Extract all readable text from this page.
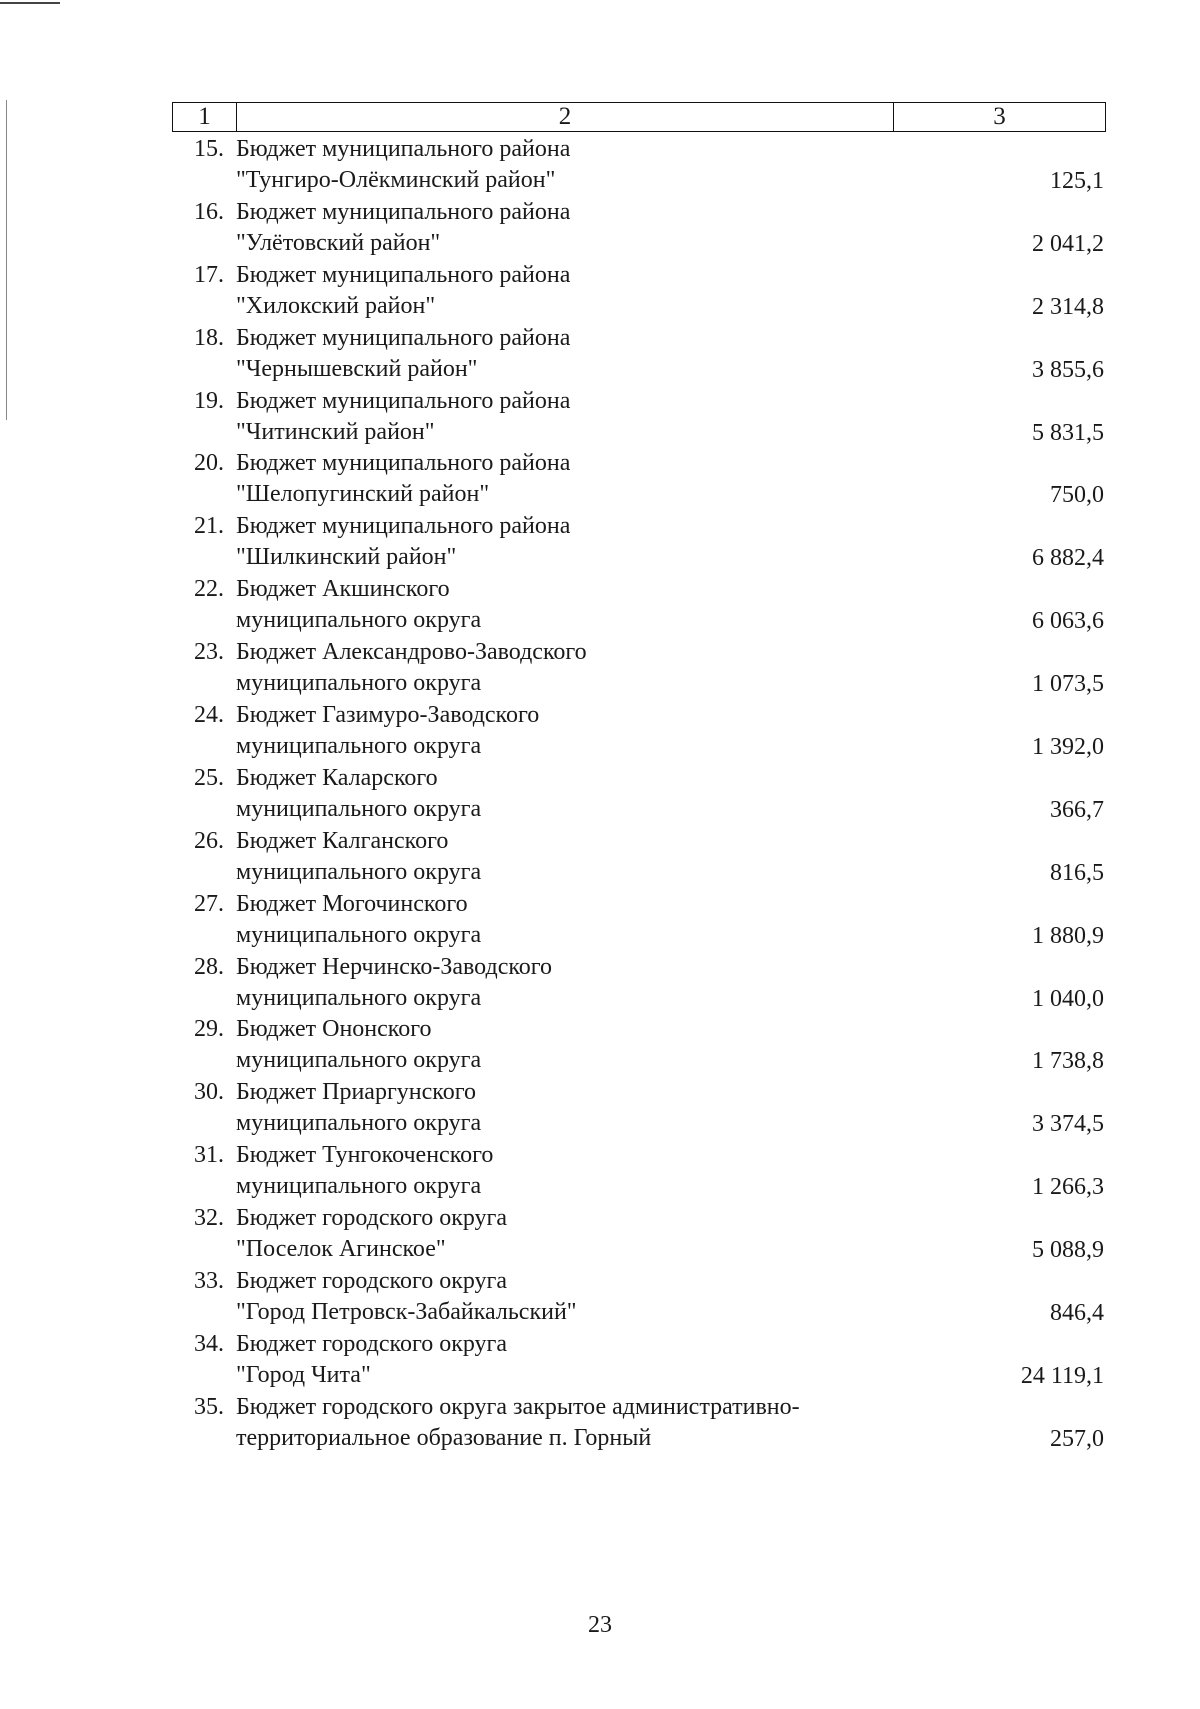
1	2	3
15. Бюджет муниципального района
"Тунгиро-Олёкминский район"	125,1
16. Бюджет муниципального района
"Улётовский район"	2 041,2
17. Бюджет муниципального района
"Хилокский район"	2 314,8
18. Бюджет муниципального района
"Чернышевский район"	3 855,6
19. Бюджет муниципального района
"Читинский район"	5 831,5
20. Бюджет муниципального района
"Шелопугинский район"	750,0
21. Бюджет муниципального района
"Шилкинский район"	6 882,4
22. Бюджет Акшинского
муниципального округа	6 063,6
23. Бюджет Александрово-Заводского
муниципального округа	1 073,5
24. Бюджет Газимуро-Заводского
муниципального округа	1 392,0
25. Бюджет Каларского
муниципального округа	366,7
26. Бюджет Калганского
муниципального округа	816,5
27. Бюджет Могочинского
муниципального округа	1 880,9
28. Бюджет Нерчинско-Заводского
муниципального округа	1 040,0
29. Бюджет Ононского
муниципального округа	1 738,8
30. Бюджет Приаргунского
муниципального округа	3 374,5
31. Бюджет Тунгокоченского
муниципального округа	1 266,3
32. Бюджет городского округа
"Поселок Агинское"	5 088,9
33. Бюджет городского округа
"Город Петровск-Забайкальский"	846,4
34. Бюджет городского округа
"Город Чита"	24 119,1
35. Бюджет городского округа закрытое административно-
территориальное образование п. Горный	257,0
23
